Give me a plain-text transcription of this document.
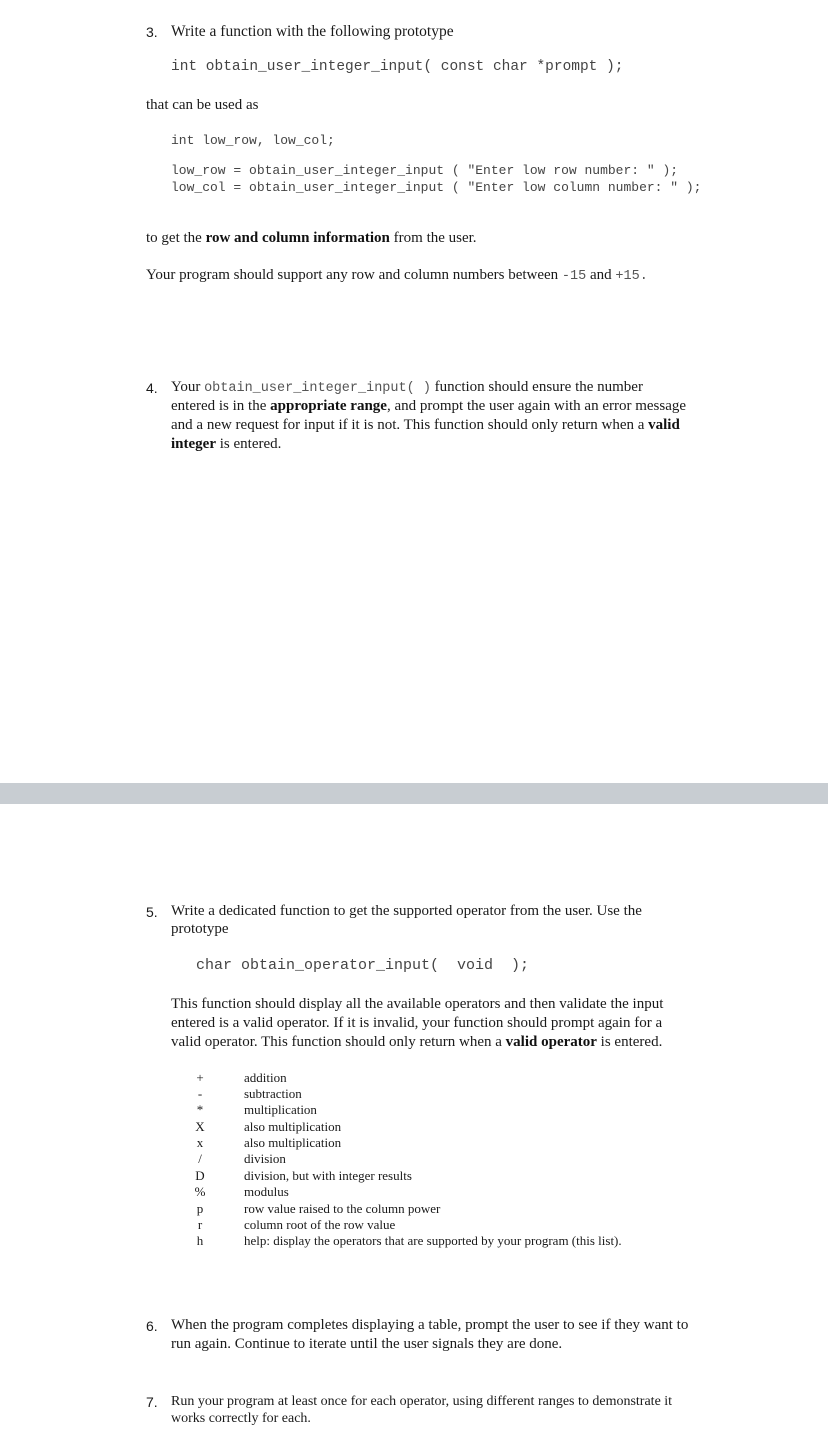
3. Write a function with the following prototype
int obtain_user_integer_input( const char *prompt );
that can be used as
int low_row, low_col;
low_row = obtain_user_integer_input ( "Enter low row number: " );
low_col = obtain_user_integer_input ( "Enter low column number: " );
to get the row and column information from the user.
Your program should support any row and column numbers between -15 and +15.
4. Your obtain_user_integer_input( ) function should ensure the number
entered is in the appropriate range, and prompt the user again with an error message
and a new request for input if it is not. This function should only return when a valid
integer is entered.
5. Write a dedicated function to get the supported operator from the user. Use the
prototype
char obtain_operator_input(  void  );
This function should display all the available operators and then validate the input
entered is a valid operator. If it is invalid, your function should prompt again for a
valid operator. This function should only return when a valid operator is entered.
+	addition
-	subtraction
*	multiplication
X	also multiplication
x	also multiplication
/	division
D	division, but with integer results
%	modulus
p	row value raised to the column power
r	column root of the row value
h	help: display the operators that are supported by your program (this list).
6. When the program completes displaying a table, prompt the user to see if they want to
run again. Continue to iterate until the user signals they are done.
7. Run your program at least once for each operator, using different ranges to demonstrate it
works correctly for each.
